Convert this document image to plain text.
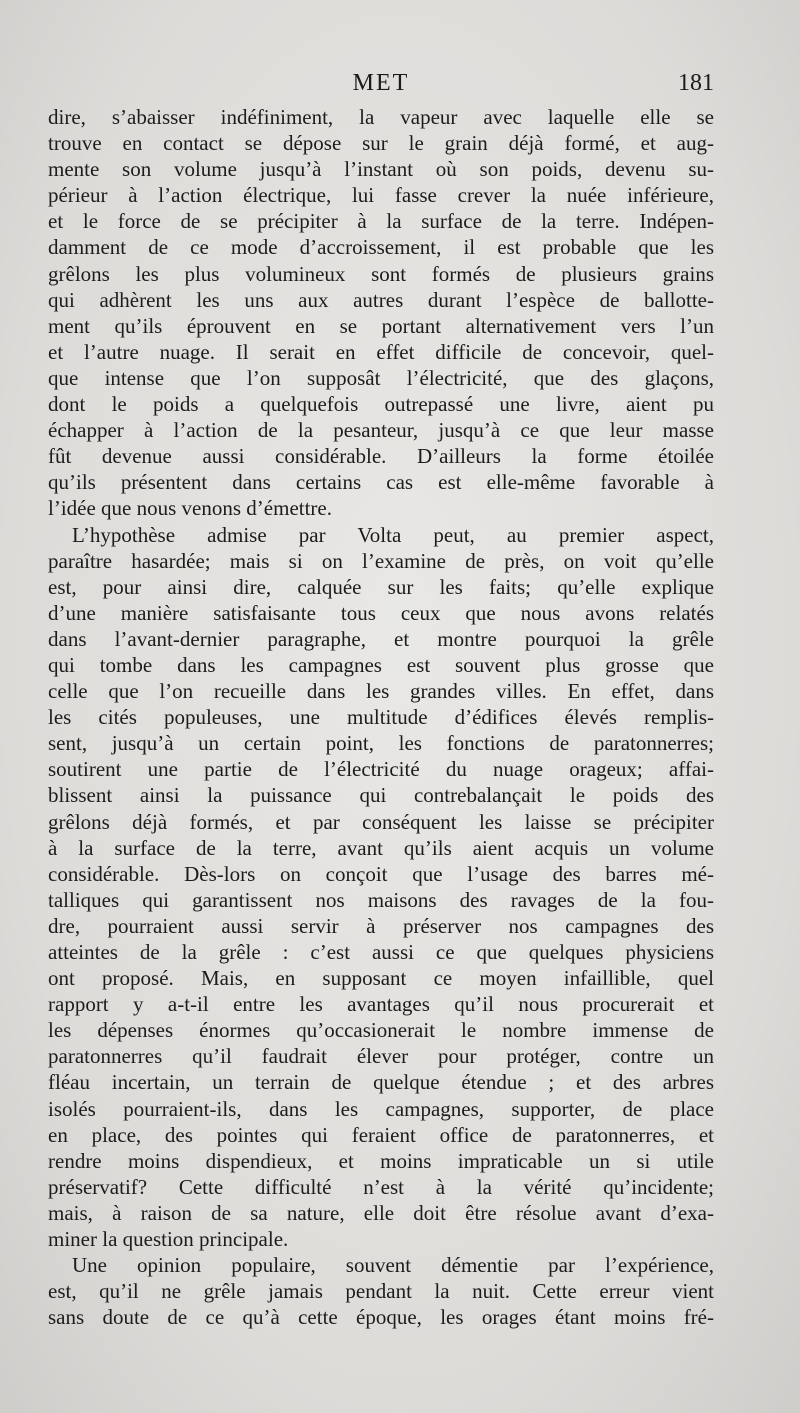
MET	181
dire, s’abaisser indéfiniment, la vapeur avec laquelle elle se
trouve en contact se dépose sur le grain déjà formé, et aug-
mente son volume jusqu’à l’instant où son poids, devenu su-
périeur à l’action électrique, lui fasse crever la nuée inférieure,
et le force de se précipiter à la surface de la terre. Indépen-
damment de ce mode d’accroissement, il est probable que les
grêlons les plus volumineux sont formés de plusieurs grains
qui adhèrent les uns aux autres durant l’espèce de ballotte-
ment qu’ils éprouvent en se portant alternativement vers l’un
et l’autre nuage. Il serait en effet difficile de concevoir, quel-
que intense que l’on supposât l’électricité, que des glaçons,
dont le poids a quelquefois outrepassé une livre, aient pu
échapper à l’action de la pesanteur, jusqu’à ce que leur masse
fût devenue aussi considérable. D’ailleurs la forme étoilée
qu’ils présentent dans certains cas est elle-même favorable à
l’idée que nous venons d’émettre.
L’hypothèse admise par Volta peut, au premier aspect,
paraître hasardée; mais si on l’examine de près, on voit qu’elle
est, pour ainsi dire, calquée sur les faits; qu’elle explique
d’une manière satisfaisante tous ceux que nous avons relatés
dans l’avant-dernier paragraphe, et montre pourquoi la grêle
qui tombe dans les campagnes est souvent plus grosse que
celle que l’on recueille dans les grandes villes. En effet, dans
les cités populeuses, une multitude d’édifices élevés remplis-
sent, jusqu’à un certain point, les fonctions de paratonnerres;
soutirent une partie de l’électricité du nuage orageux; affai-
blissent ainsi la puissance qui contrebalançait le poids des
grêlons déjà formés, et par conséquent les laisse se précipiter
à la surface de la terre, avant qu’ils aient acquis un volume
considérable. Dès-lors on conçoit que l’usage des barres mé-
talliques qui garantissent nos maisons des ravages de la fou-
dre, pourraient aussi servir à préserver nos campagnes des
atteintes de la grêle : c’est aussi ce que quelques physiciens
ont proposé. Mais, en supposant ce moyen infaillible, quel
rapport y a-t-il entre les avantages qu’il nous procurerait et
les dépenses énormes qu’occasionerait le nombre immense de
paratonnerres qu’il faudrait élever pour protéger, contre un
fléau incertain, un terrain de quelque étendue ; et des arbres
isolés pourraient-ils, dans les campagnes, supporter, de place
en place, des pointes qui feraient office de paratonnerres, et
rendre moins dispendieux, et moins impraticable un si utile
préservatif? Cette difficulté n’est à la vérité qu’incidente;
mais, à raison de sa nature, elle doit être résolue avant d’exa-
miner la question principale.
Une opinion populaire, souvent démentie par l’expérience,
est, qu’il ne grêle jamais pendant la nuit. Cette erreur vient
sans doute de ce qu’à cette époque, les orages étant moins fré-
